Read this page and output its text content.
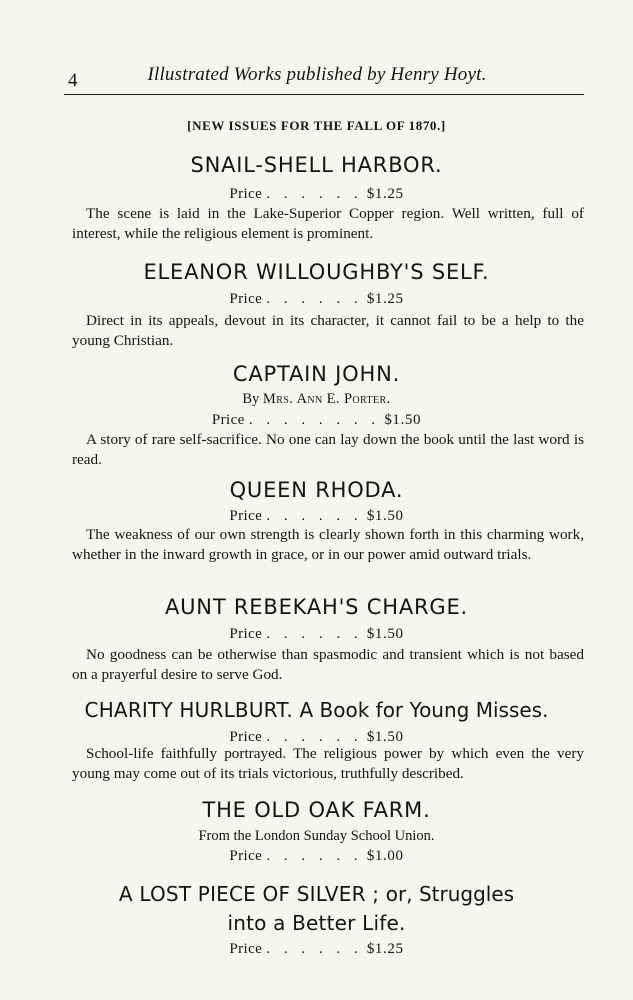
4	Illustrated Works published by Henry Hoyt.
[NEW ISSUES FOR THE FALL OF 1870.]
SNAIL-SHELL HARBOR.
Price . . . . . . $1.25
The scene is laid in the Lake-Superior Copper region. Well written, full of interest, while the religious element is prominent.
ELEANOR WILLOUGHBY'S SELF.
Price . . . . . . $1.25
Direct in its appeals, devout in its character, it cannot fail to be a help to the young Christian.
CAPTAIN JOHN.
By Mrs. Ann E. Porter.
Price . . . . . . . . $1.50
A story of rare self-sacrifice. No one can lay down the book until the last word is read.
QUEEN RHODA.
Price . . . . . . $1.50
The weakness of our own strength is clearly shown forth in this charming work, whether in the inward growth in grace, or in our power amid outward trials.
AUNT REBEKAH'S CHARGE.
Price . . . . . . $1.50
No goodness can be otherwise than spasmodic and transient which is not based on a prayerful desire to serve God.
CHARITY HURLBURT. A Book for Young Misses.
Price . . . . . . $1.50
School-life faithfully portrayed. The religious power by which even the very young may come out of its trials victorious, truthfully described.
THE OLD OAK FARM.
From the London Sunday School Union.
Price . . . . . . $1.00
A LOST PIECE OF SILVER ; or, Struggles
into a Better Life.
Price . . . . . . $1.25
